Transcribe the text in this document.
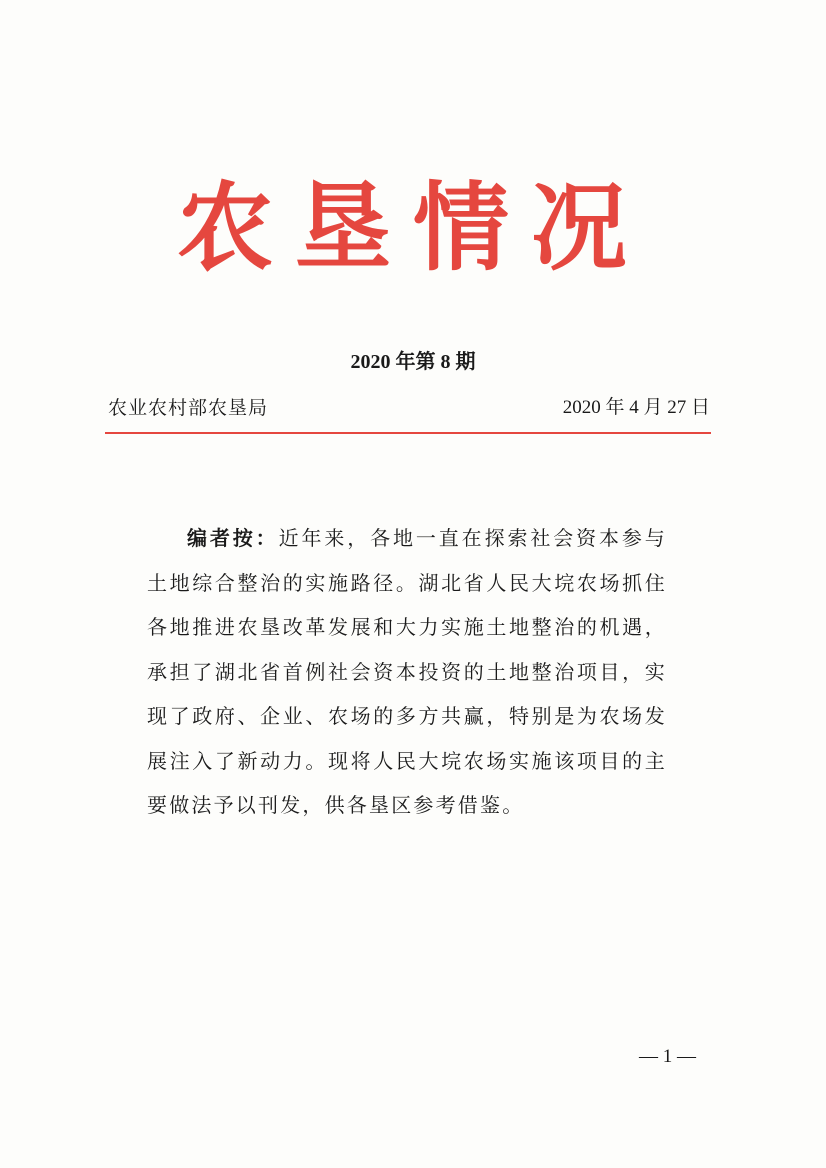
农垦情况
2020 年第 8 期
农业农村部农垦局	2020 年 4 月 27 日
编者按：近年来，各地一直在探索社会资本参与土地综合整治的实施路径。湖北省人民大垸农场抓住各地推进农垦改革发展和大力实施土地整治的机遇，承担了湖北省首例社会资本投资的土地整治项目，实现了政府、企业、农场的多方共赢，特别是为农场发展注入了新动力。现将人民大垸农场实施该项目的主要做法予以刊发，供各垦区参考借鉴。
— 1 —
